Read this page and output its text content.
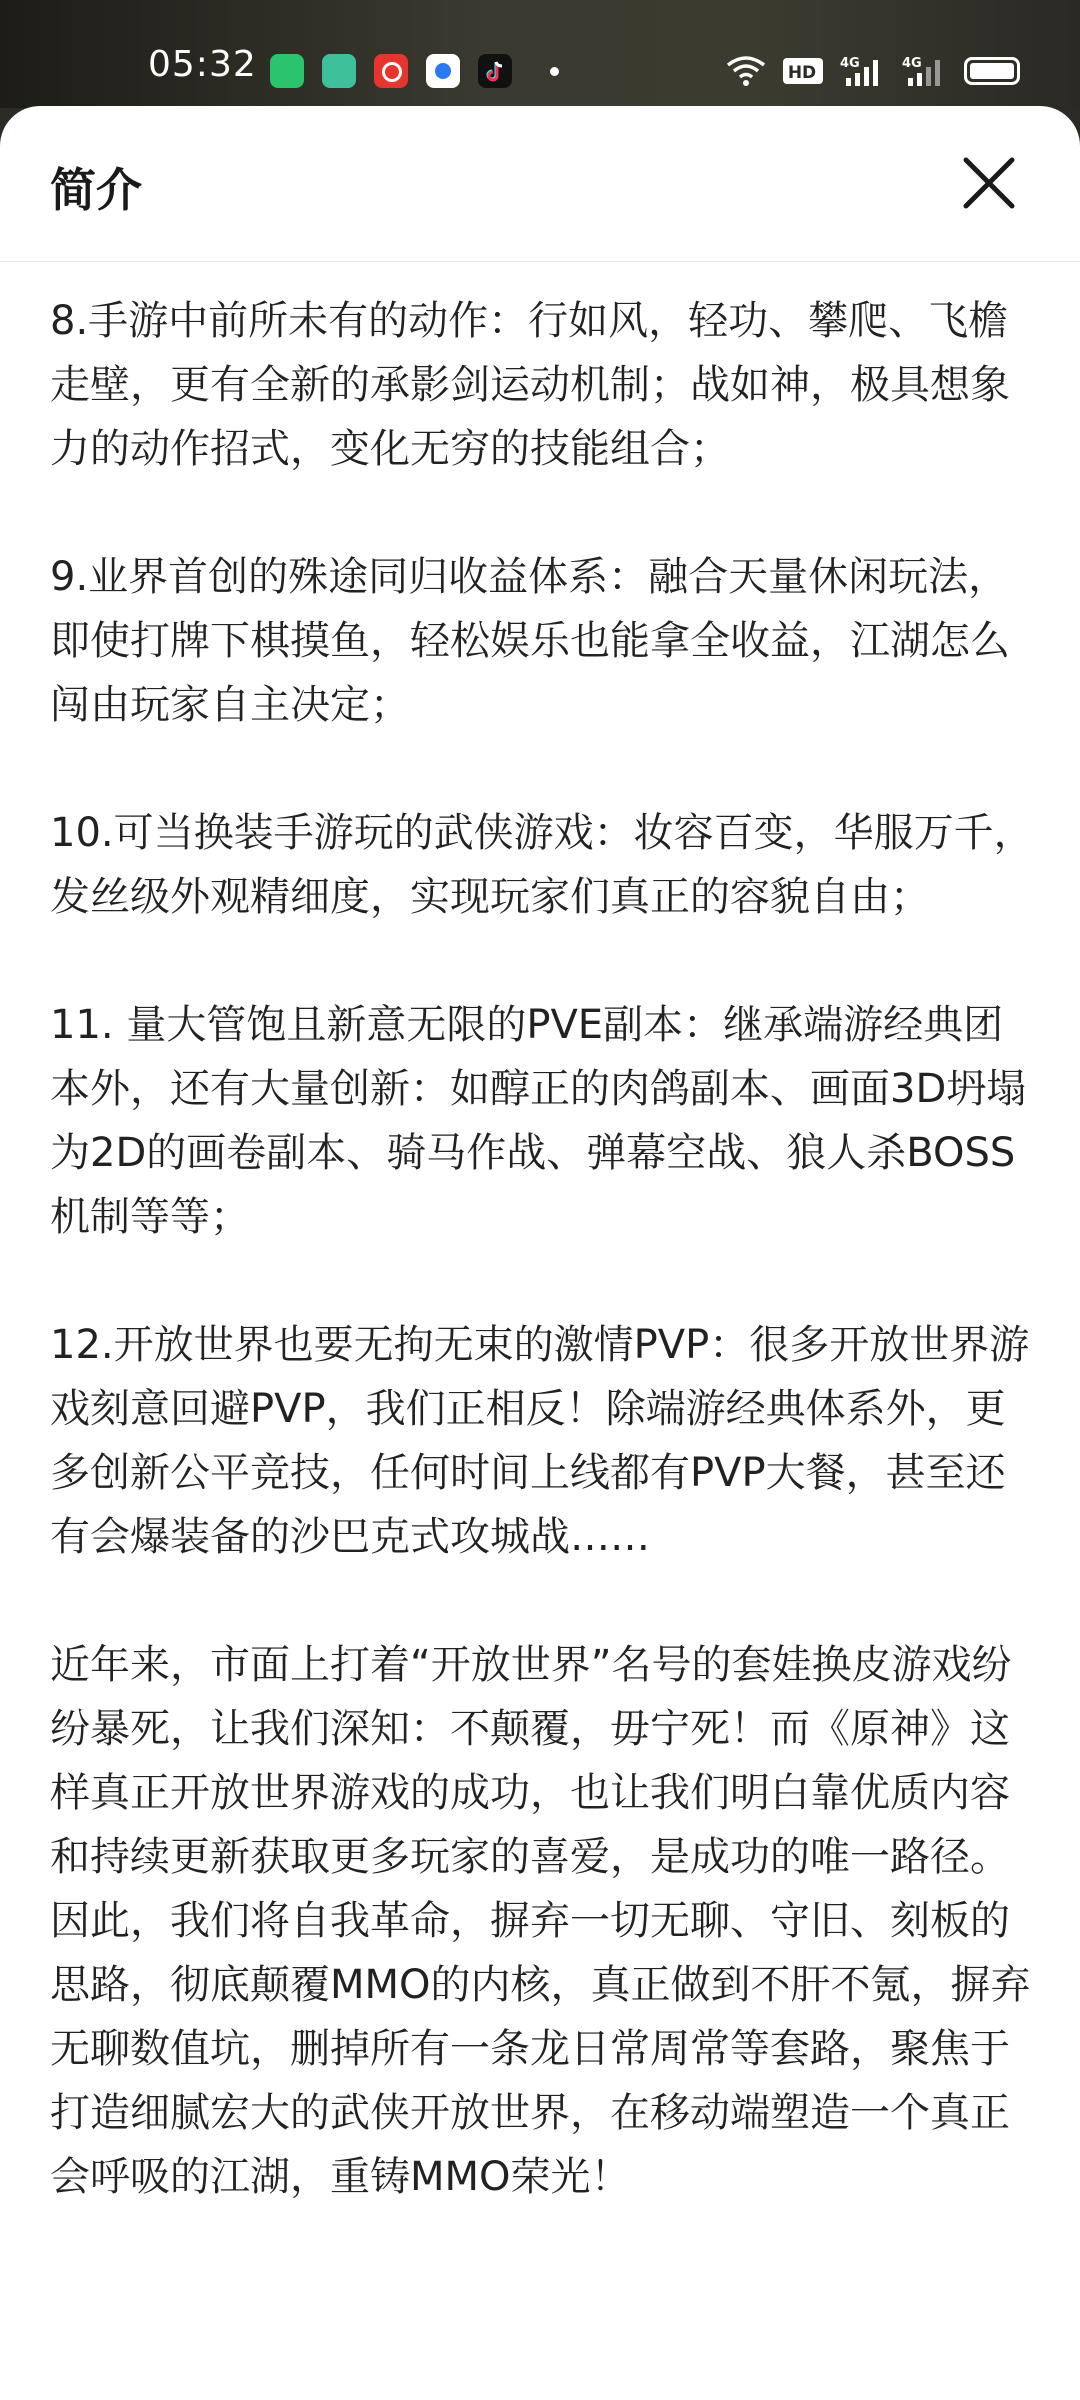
05:32	HD 4G	4G
简介

8.手游中前所未有的动作：行如风，轻功、攀爬、飞檐走壁，更有全新的承影剑运动机制；战如神，极具想象力的动作招式，变化无穷的技能组合；

9.业界首创的殊途同归收益体系：融合天量休闲玩法，即使打牌下棋摸鱼，轻松娱乐也能拿全收益，江湖怎么闯由玩家自主决定；

10.可当换装手游玩的武侠游戏：妆容百变，华服万千，发丝级外观精细度，实现玩家们真正的容貌自由；

11. 量大管饱且新意无限的PVE副本：继承端游经典团本外，还有大量创新：如醇正的肉鸽副本、画面3D坍塌为2D的画卷副本、骑马作战、弹幕空战、狼人杀BOSS机制等等；

12.开放世界也要无拘无束的激情PVP：很多开放世界游戏刻意回避PVP，我们正相反！除端游经典体系外，更多创新公平竞技，任何时间上线都有PVP大餐，甚至还有会爆装备的沙巴克式攻城战……

近年来，市面上打着“开放世界”名号的套娃换皮游戏纷纷暴死，让我们深知：不颠覆，毋宁死！而《原神》这样真正开放世界游戏的成功，也让我们明白靠优质内容和持续更新获取更多玩家的喜爱，是成功的唯一路径。因此，我们将自我革命，摒弃一切无聊、守旧、刻板的思路，彻底颠覆MMO的内核，真正做到不肝不氪，摒弃无聊数值坑，删掉所有一条龙日常周常等套路，聚焦于打造细腻宏大的武侠开放世界，在移动端塑造一个真正会呼吸的江湖，重铸MMO荣光！
